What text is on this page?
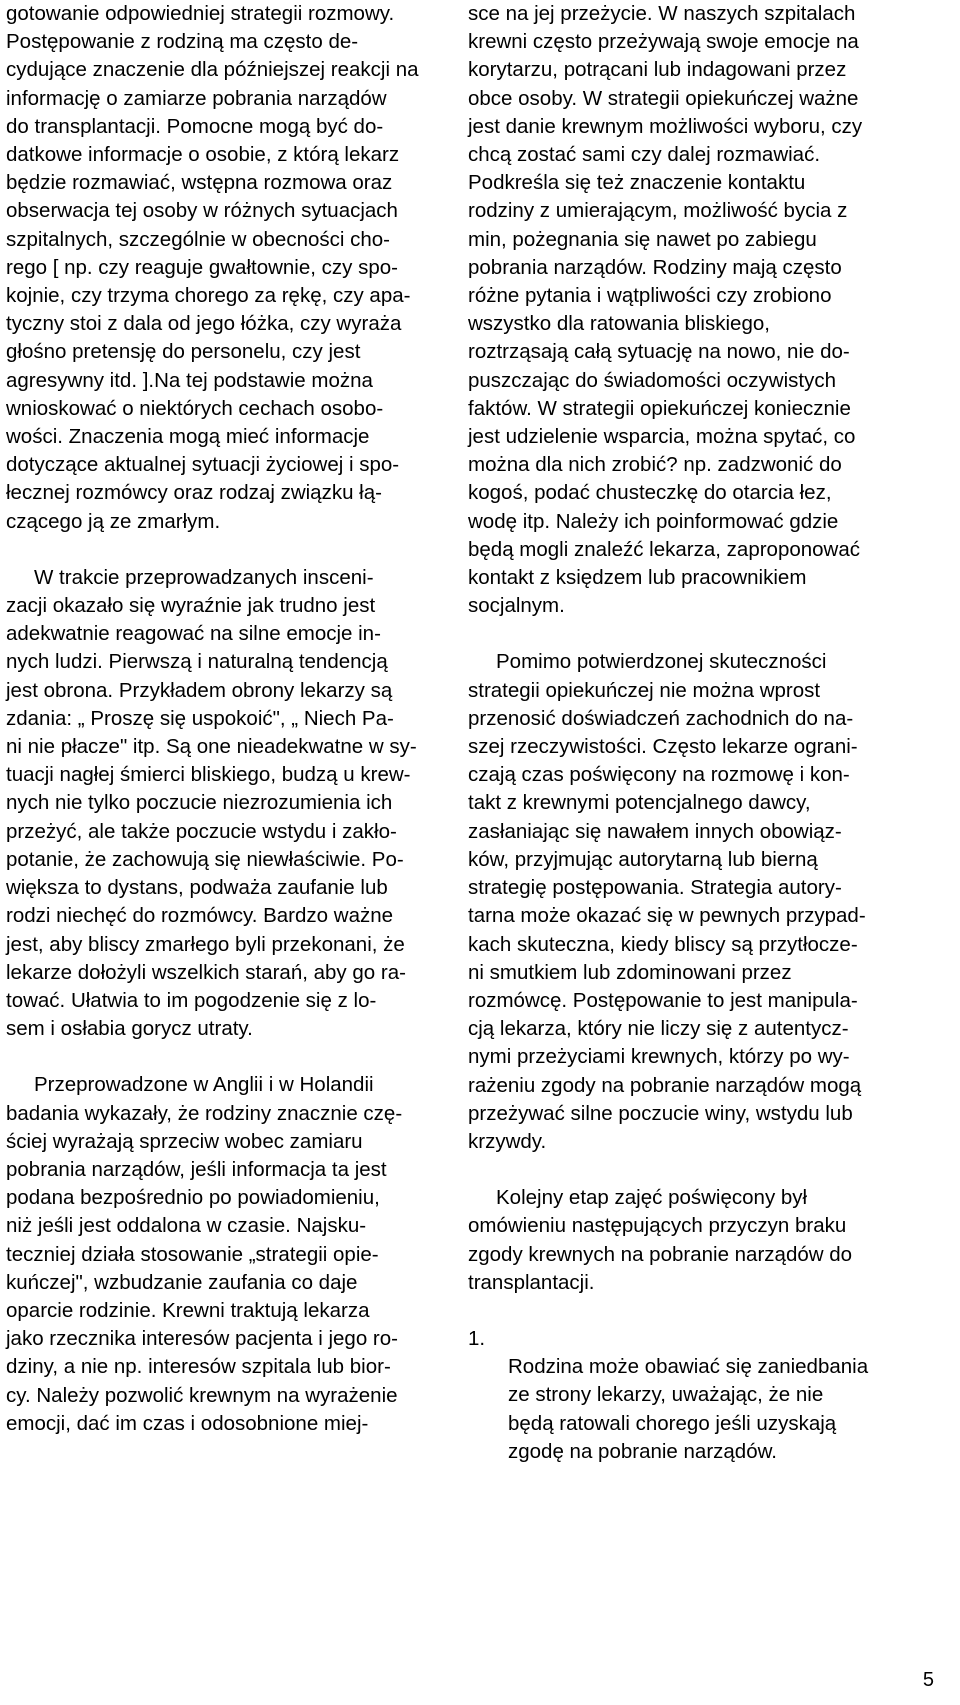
gotowanie odpowiedniej strategii rozmowy.
Postępowanie z rodziną ma często de-
cydujące znaczenie dla późniejszej reakcji na
informację o zamiarze pobrania narządów
do transplantacji. Pomocne mogą być do-
datkowe informacje o osobie, z którą lekarz
będzie rozmawiać, wstępna rozmowa oraz
obserwacja tej osoby w różnych sytuacjach
szpitalnych, szczególnie w obecności cho-
rego [ np. czy reaguje gwałtownie, czy spo-
kojnie, czy trzyma chorego za rękę, czy apa-
tyczny stoi z dala od jego łóżka, czy wyraża
głośno pretensję do personelu, czy jest
agresywny itd. ].Na tej podstawie można
wnioskować o niektórych cechach osobo-
wości. Znaczenia mogą mieć informacje
dotyczące aktualnej sytuacji życiowej i spo-
łecznej rozmówcy oraz rodzaj związku łą-
czącego ją ze zmarłym.

W trakcie przeprowadzanych insceni-
zacji okazało się wyraźnie jak trudno jest
adekwatnie reagować na silne emocje in-
nych ludzi. Pierwszą i naturalną tendencją
jest obrona. Przykładem obrony lekarzy są
zdania: „ Proszę się uspokoić", „ Niech Pa-
ni nie płacze" itp. Są one nieadekwatne w sy-
tuacji nagłej śmierci bliskiego, budzą u krew-
nych nie tylko poczucie niezrozumienia ich
przeżyć, ale także poczucie wstydu i zakło-
potanie, że zachowują się niewłaściwie. Po-
większa to dystans, podważa zaufanie lub
rodzi niechęć do rozmówcy. Bardzo ważne
jest, aby bliscy zmarłego byli przekonani, że
lekarze dołożyli wszelkich starań, aby go ra-
tować. Ułatwia to im pogodzenie się z lo-
sem i osłabia gorycz utraty.

Przeprowadzone w Anglii i w Holandii
badania wykazały, że rodziny znacznie czę-
ściej wyrażają sprzeciw wobec zamiaru
pobrania narządów, jeśli informacja ta jest
podana bezpośrednio po powiadomieniu,
niż jeśli jest oddalona w czasie. Najsku-
teczniej działa stosowanie „strategii opie-
kuńczej", wzbudzanie zaufania co daje
oparcie rodzinie. Krewni traktują lekarza
jako rzecznika interesów pacjenta i jego ro-
dziny, a nie np. interesów szpitala lub bior-
cy. Należy pozwolić krewnym na wyrażenie
emocji, dać im czas i odosobnione miej-

sce na jej przeżycie. W naszych szpitalach
krewni często przeżywają swoje emocje na
korytarzu, potrącani lub indagowani przez
obce osoby. W strategii opiekuńczej ważne
jest danie krewnym możliwości wyboru, czy
chcą zostać sami czy dalej rozmawiać.
Podkreśla się też znaczenie kontaktu
rodziny z umierającym, możliwość bycia z
min, pożegnania się nawet po zabiegu
pobrania narządów. Rodziny mają często
różne pytania i wątpliwości czy zrobiono
wszystko dla ratowania bliskiego,
roztrząsają całą sytuację na nowo, nie do-
puszczając do świadomości oczywistych
faktów. W strategii opiekuńczej koniecznie
jest udzielenie wsparcia, można spytać, co
można dla nich zrobić? np. zadzwonić do
kogoś, podać chusteczkę do otarcia łez,
wodę itp. Należy ich poinformować gdzie
będą mogli znaleźć lekarza, zaproponować
kontakt z księdzem lub pracownikiem
socjalnym.

Pomimo potwierdzonej skuteczności
strategii opiekuńczej nie można wprost
przenosić doświadczeń zachodnich do na-
szej rzeczywistości. Często lekarze ograni-
czają czas poświęcony na rozmowę i kon-
takt z krewnymi potencjalnego dawcy,
zasłaniając się nawałem innych obowiąz-
ków, przyjmując autorytarną lub bierną
strategię postępowania. Strategia autory-
tarna może okazać się w pewnych przypad-
kach skuteczna, kiedy bliscy są przytłocze-
ni smutkiem lub zdominowani przez
rozmówcę. Postępowanie to jest manipula-
cją lekarza, który nie liczy się z autentycz-
nymi przeżyciami krewnych, którzy po wy-
rażeniu zgody na pobranie narządów mogą
przeżywać silne poczucie winy, wstydu lub
krzywdy.

Kolejny etap zajęć poświęcony był
omówieniu następujących przyczyn braku
zgody krewnych na pobranie narządów do
transplantacji.

1.
Rodzina może obawiać się zaniedbania
ze strony lekarzy, uważając, że nie
będą ratowali chorego jeśli uzyskają
zgodę na pobranie narządów.

5
